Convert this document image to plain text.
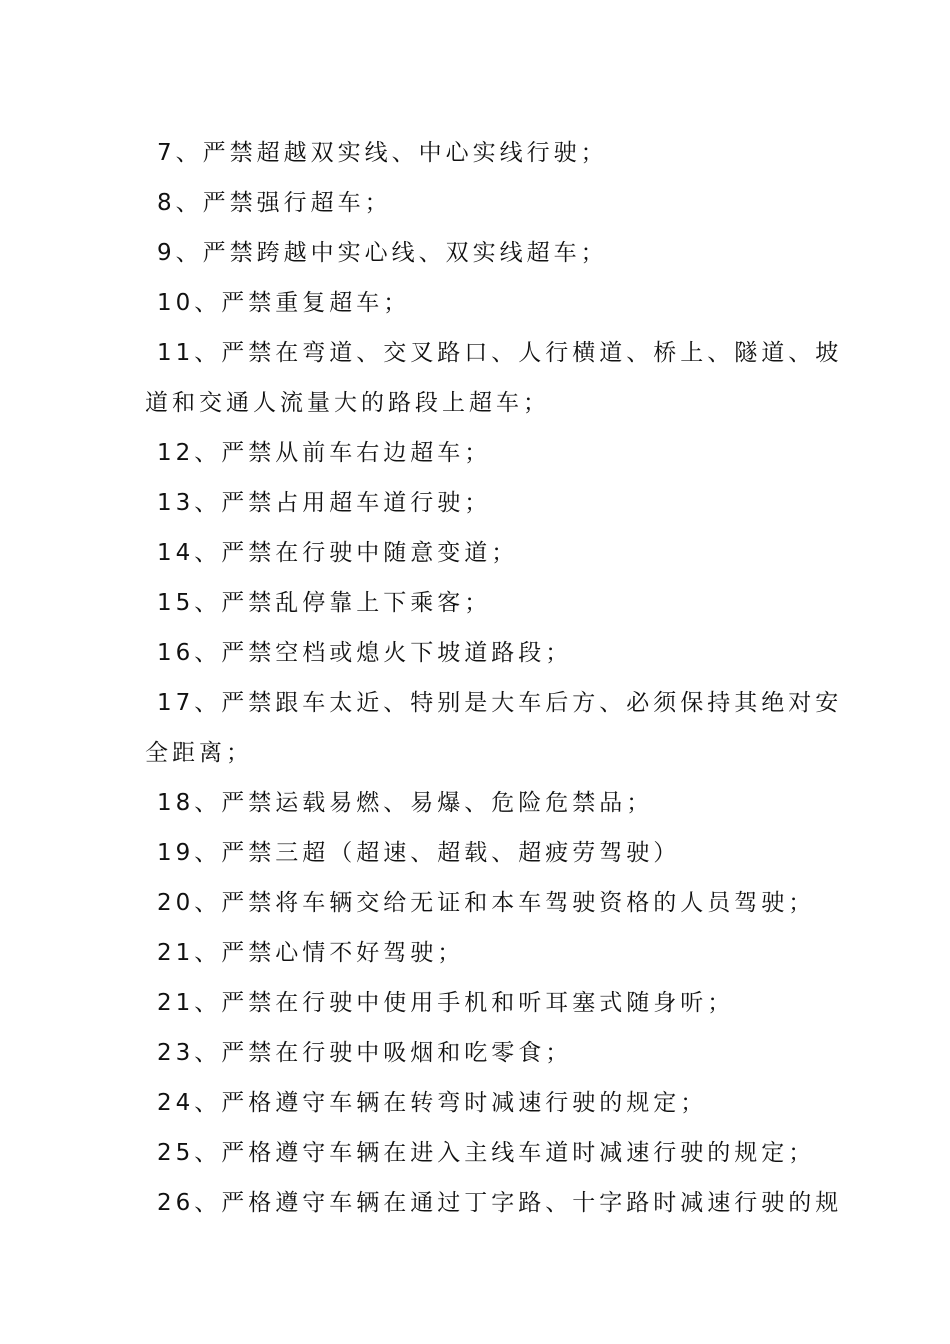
7、严禁超越双实线、中心实线行驶；
8、严禁强行超车；
9、严禁跨越中实心线、双实线超车；
10、严禁重复超车；
11、严禁在弯道、交叉路口、人行横道、桥上、隧道、坡
道和交通人流量大的路段上超车；
12、严禁从前车右边超车；
13、严禁占用超车道行驶；
14、严禁在行驶中随意变道；
15、严禁乱停靠上下乘客；
16、严禁空档或熄火下坡道路段；
17、严禁跟车太近、特别是大车后方、必须保持其绝对安
全距离；
18、严禁运载易燃、易爆、危险危禁品；
19、严禁三超（超速、超载、超疲劳驾驶）
20、严禁将车辆交给无证和本车驾驶资格的人员驾驶；
21、严禁心情不好驾驶；
21、严禁在行驶中使用手机和听耳塞式随身听；
23、严禁在行驶中吸烟和吃零食；
24、严格遵守车辆在转弯时减速行驶的规定；
25、严格遵守车辆在进入主线车道时减速行驶的规定；
26、严格遵守车辆在通过丁字路、十字路时减速行驶的规
